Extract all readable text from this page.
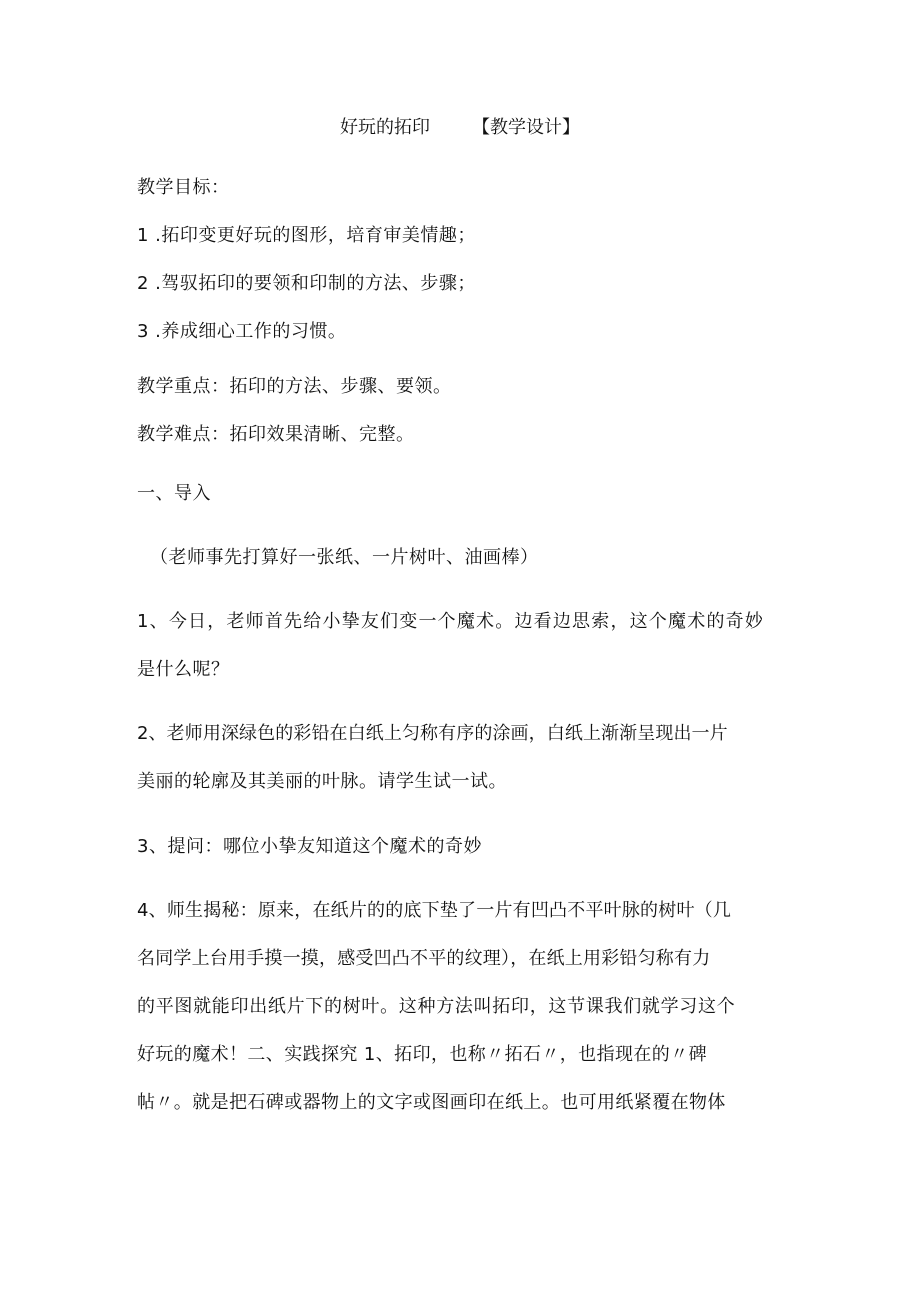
好玩的拓印 【教学设计】
教学目标：
1 .拓印变更好玩的图形，培育审美情趣；
2 .驾驭拓印的要领和印制的方法、步骤；
3 .养成细心工作的习惯。
教学重点：拓印的方法、步骤、要领。
教学难点：拓印效果清晰、完整。
一、导入
（老师事先打算好一张纸、一片树叶、油画棒）
1、今日，老师首先给小挚友们变一个魔术。边看边思索，这个魔术的奇妙
是什么呢？
2、老师用深绿色的彩铅在白纸上匀称有序的涂画，白纸上渐渐呈现出一片
美丽的轮廓及其美丽的叶脉。请学生试一试。
3、提问：哪位小挚友知道这个魔术的奇妙
4、师生揭秘：原来，在纸片的的底下垫了一片有凹凸不平叶脉的树叶（几
名同学上台用手摸一摸，感受凹凸不平的纹理），在纸上用彩铅匀称有力
的平图就能印出纸片下的树叶。这种方法叫拓印，这节课我们就学习这个
好玩的魔术！二、实践探究 1、拓印，也称〃拓石〃，也指现在的〃碑
帖〃。就是把石碑或器物上的文字或图画印在纸上。也可用纸紧覆在物体
